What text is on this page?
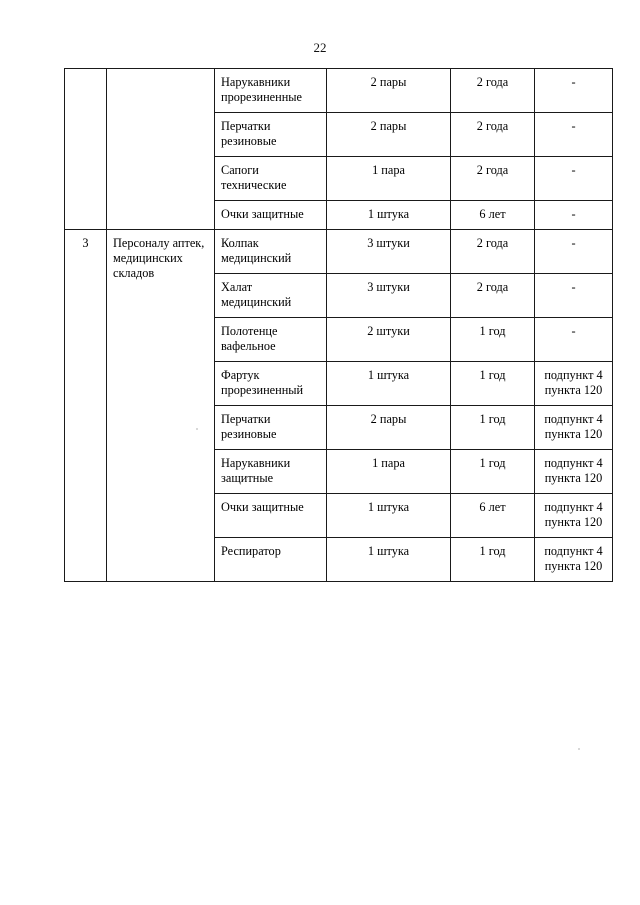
22
		Нарукавники прорезиненные	2 пары	2 года	-
		Перчатки резиновые	2 пары	2 года	-
		Сапоги технические	1 пара	2 года	-
		Очки защитные	1 штука	6 лет	-
3	Персоналу аптек, медицинских складов	Колпак медицинский	3 штуки	2 года	-
		Халат медицинский	3 штуки	2 года	-
		Полотенце вафельное	2 штуки	1 год	-
		Фартук прорезиненный	1 штука	1 год	подпункт 4 пункта 120
		Перчатки резиновые	2 пары	1 год	подпункт 4 пункта 120
		Нарукавники защитные	1 пара	1 год	подпункт 4 пункта 120
		Очки защитные	1 штука	6 лет	подпункт 4 пункта 120
		Респиратор	1 штука	1 год	подпункт 4 пункта 120
